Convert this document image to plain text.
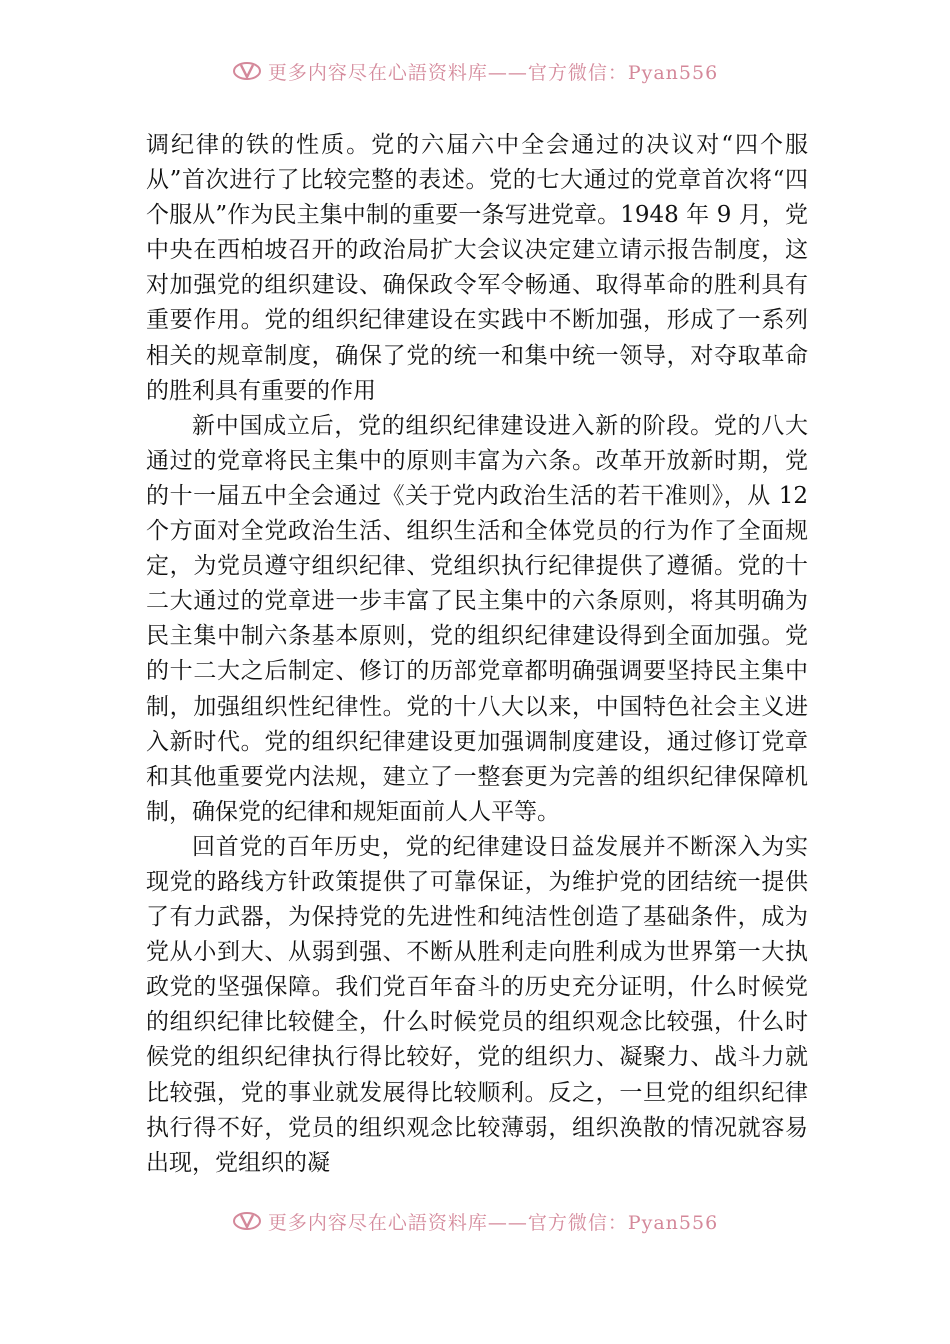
更多内容尽在心語资料库——官方微信：Pyan556

调纪律的铁的性质。党的六届六中全会通过的决议对“四个服从”首次进行了比较完整的表述。党的七大通过的党章首次将“四个服从”作为民主集中制的重要一条写进党章。1948 年 9 月，党中央在西柏坡召开的政治局扩大会议决定建立请示报告制度，这对加强党的组织建设、确保政令军令畅通、取得革命的胜利具有重要作用。党的组织纪律建设在实践中不断加强，形成了一系列相关的规章制度，确保了党的统一和集中统一领导，对夺取革命的胜利具有重要的作用

新中国成立后，党的组织纪律建设进入新的阶段。党的八大通过的党章将民主集中的原则丰富为六条。改革开放新时期，党的十一届五中全会通过《关于党内政治生活的若干准则》，从 12 个方面对全党政治生活、组织生活和全体党员的行为作了全面规定，为党员遵守组织纪律、党组织执行纪律提供了遵循。党的十二大通过的党章进一步丰富了民主集中的六条原则，将其明确为民主集中制六条基本原则，党的组织纪律建设得到全面加强。党的十二大之后制定、修订的历部党章都明确强调要坚持民主集中制，加强组织性纪律性。党的十八大以来，中国特色社会主义进入新时代。党的组织纪律建设更加强调制度建设，通过修订党章和其他重要党内法规，建立了一整套更为完善的组织纪律保障机制，确保党的纪律和规矩面前人人平等。

回首党的百年历史，党的纪律建设日益发展并不断深入为实现党的路线方针政策提供了可靠保证，为维护党的团结统一提供了有力武器，为保持党的先进性和纯洁性创造了基础条件，成为党从小到大、从弱到强、不断从胜利走向胜利成为世界第一大执政党的坚强保障。我们党百年奋斗的历史充分证明，什么时候党的组织纪律比较健全，什么时候党员的组织观念比较强，什么时候党的组织纪律执行得比较好，党的组织力、凝聚力、战斗力就比较强，党的事业就发展得比较顺利。反之，一旦党的组织纪律执行得不好，党员的组织观念比较薄弱，组织涣散的情况就容易出现，党组织的凝

更多内容尽在心語资料库——官方微信：Pyan556
